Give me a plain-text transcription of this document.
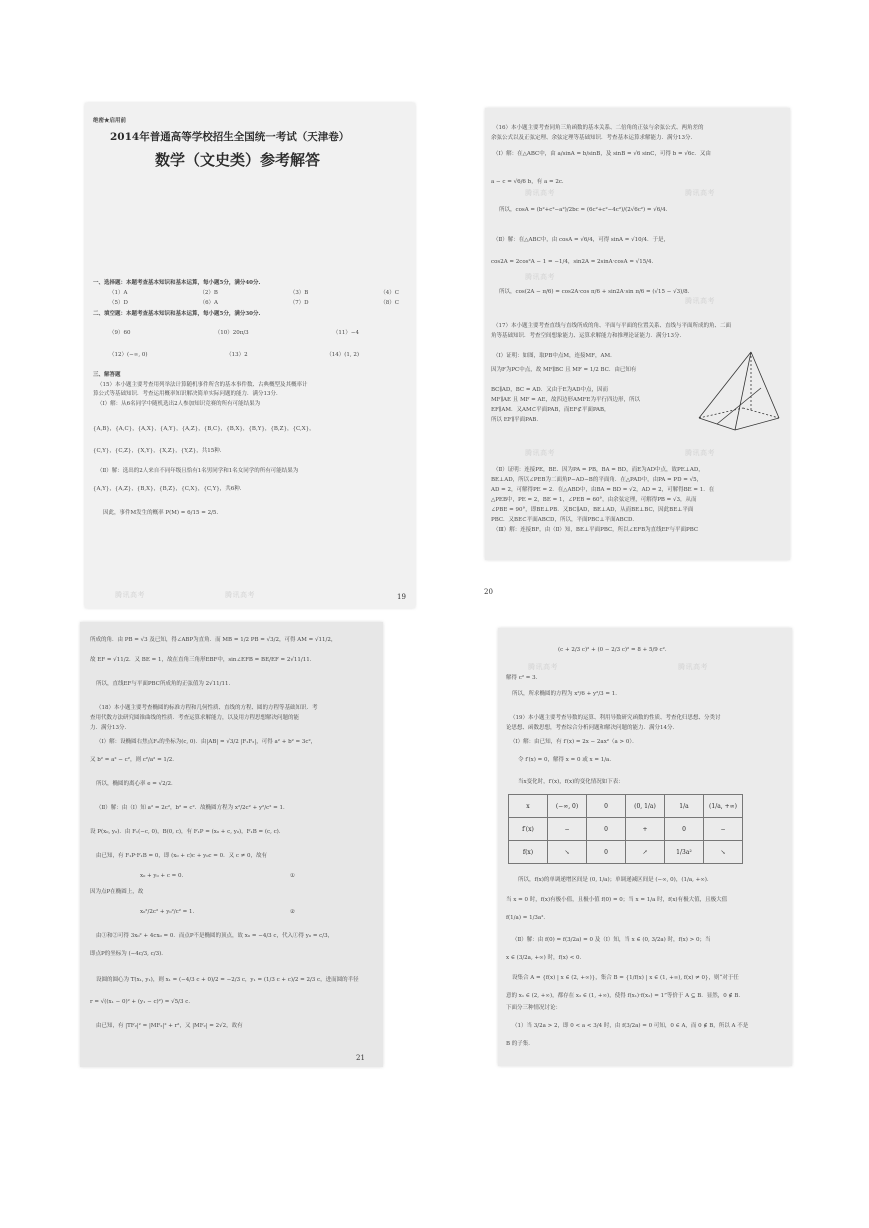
绝密★启用前
2014年普通高等学校招生全国统一考试（天津卷）
数学（文史类）参考解答
一、选择题：本题考查基本知识和基本运算，每小题5分，满分40分.
（1）A	（2）B	（3）B	（4）C
（5）D	（6）A	（7）D	（8）C
二、填空题：本题考查基本知识和基本运算，每小题5分，满分30分.
（9）60	（10）20π/3	（11）−4
（12）(−∞, 0)	（13）2	（14）(1, 2)
三、解答题
（15）本小题主要考查用列举法计算随机事件所含的基本事件数、古典概型及其概率计
算公式等基础知识．考查运用概率知识解决简单实际问题的能力．满分13分．
（Ⅰ）解：从6名同学中随机选出2人参加知识竞赛的所有可能结果为
{A,B}，{A,C}，{A,X}，{A,Y}，{A,Z}，{B,C}，{B,X}，{B,Y}，{B,Z}，{C,X}，
{C,Y}，{C,Z}，{X,Y}，{X,Z}，{Y,Z}，共15种.
（Ⅱ）解：选出的2人来自不同年级且恰有1名男同学和1名女同学的所有可能结果为
{A,Y}，{A,Z}，{B,X}，{B,Z}，{C,X}，{C,Y}，共6种.
因此，事件M发生的概率 P(M) = 6/15 = 2/5.
腾讯高考	腾讯高考	19
（16）本小题主要考查同角三角函数的基本关系、二倍角的正弦与余弦公式、两角差的
余弦公式以及正弦定理、余弦定理等基础知识．考查基本运算求解能力．满分13分．
（Ⅰ）解：在△ABC中，由 a/sinA = b/sinB，及 sinB = √6 sinC，可得 b = √6c．又由
a − c = √6/6 b，有 a = 2c．
所以，cosA = (b²+c²−a²)/2bc = (6c²+c²−4c²)/(2√6c²) = √6/4．
（Ⅱ）解：在△ABC中，由 cosA = √6/4，可得 sinA = √10/4．于是，
cos2A = 2cos²A − 1 = −1/4，sin2A = 2sinA·cosA = √15/4．
所以，cos(2A − π/6) = cos2A·cos π/6 + sin2A·sin π/6 = (√15 − √3)/8．
（17）本小题主要考查直线与直线所成的角、平面与平面的位置关系、直线与平面所成的角、二面
角等基础知识．考查空间想象能力、运算求解能力和推理论证能力．满分13分．
（Ⅰ）证明：如图，取PB中点M，连接MF，AM．
因为F为PC中点，故 MF∥BC 且 MF = 1/2 BC．由已知有
BC∥AD，BC = AD．又由于E为AD中点，因而
MF∥AE 且 MF = AE，故四边形AMFE为平行四边形，所以
EF∥AM．又AM⊂平面PAB，而EF⊄平面PAB，
所以 EF∥平面PAB．
（Ⅱ）证明：连接PE，BE．因为PA = PB，BA = BD，而E为AD中点，故PE⊥AD，
BE⊥AD，所以∠PEB为二面角P−AD−B的平面角．在△PAD中，由PA = PD = √5，
AD = 2，可解得PE = 2．在△ABD中，由BA = BD = √2，AD = 2，可解得BE = 1．在
△PEB中，PE = 2，BE = 1，∠PEB = 60°，由余弦定理，可解得PB = √3，从而
∠PBE = 90°，即BE⊥PB．又BC∥AD，BE⊥AD，从而BE⊥BC，因此BE⊥平面
PBC．又BE⊂平面ABCD，所以，平面PBC⊥平面ABCD．
（Ⅲ）解：连接BF，由（Ⅱ）知，BE⊥平面PBC，所以∠EFB为直线EF与平面PBC
腾讯高考	腾讯高考
腾讯高考
腾讯高考
腾讯高考	腾讯高考
20
所成的角．由 PB = √3 及已知，得∠ABP为直角．而 MB = 1/2 PB = √3/2，可得 AM = √11/2，
故 EF = √11/2．又 BE = 1，故在直角三角形EBF中，sin∠EFB = BE/EF = 2√11/11．
所以，直线EF与平面PBC所成角的正弦值为 2√11/11．
（18）本小题主要考查椭圆的标准方程和几何性质、直线的方程、圆的方程等基础知识．考
查用代数方法研究圆锥曲线的性质．考查运算求解能力，以及用方程思想解决问题的能
力．满分13分．
（Ⅰ）解：设椭圆右焦点F₂的坐标为(c, 0)．由|AB| = √3/2 |F₁F₂|，可得 a² + b² = 3c²，
又 b² = a² − c²，则 c²/a² = 1/2．
所以，椭圆的离心率 e = √2/2．
（Ⅱ）解：由（Ⅰ）知 a² = 2c²，b² = c²．故椭圆方程为 x²/2c² + y²/c² = 1．
设 P(x₀, y₀)．由 F₁(−c, 0)，B(0, c)，有 F₁P = (x₀ + c, y₀)，F₁B = (c, c)．
由已知，有 F₁P·F₁B = 0，即 (x₀ + c)c + y₀c = 0．又 c ≠ 0，故有
x₀ + y₀ + c = 0．	①
因为点P在椭圆上，故
x₀²/2c² + y₀²/c² = 1．	②
由①和②可得 3x₀² + 4cx₀ = 0．而点P不是椭圆的顶点，故 x₀ = −4/3 c，代入①得 y₀ = c/3，
即点P的坐标为 (−4c/3, c/3)．
设圆的圆心为 T(x₁, y₁)，则 x₁ = (−4/3 c + 0)/2 = −2/3 c，y₁ = (1/3 c + c)/2 = 2/3 c，进而圆的半径
r = √((x₁ − 0)² + (y₁ − c)²) = √5/3 c．
由已知，有 |TF₂|² = |MF₂|² + r²，又 |MF₂| = 2√2，故有
21
(c + 2/3 c)² + (0 − 2/3 c)² = 8 + 5/9 c²．
解得 c² = 3．
所以，所求椭圆的方程为 x²/6 + y²/3 = 1．
（19）本小题主要考查导数的运算、利用导数研究函数的性质、考查化归思想、分类讨
论思想、函数思想，考查综合分析问题和解决问题的能力．满分14分．
（Ⅰ）解：由已知，有 f′(x) = 2x − 2ax²（a > 0）．
令 f′(x) = 0，解得 x = 0 或 x = 1/a．
当x变化时，f′(x)，f(x)的变化情况如下表：
x	(−∞, 0)	0	(0, 1/a)	1/a	(1/a, +∞)
f′(x)	−	0	+	0	−
f(x)	↘	0	↗	1/3a²	↘
所以，f(x)的单调递增区间是 (0, 1/a)；单调递减区间是 (−∞, 0)，(1/a, +∞)．
当 x = 0 时，f(x)有极小值，且极小值 f(0) = 0；当 x = 1/a 时，f(x)有极大值，且极大值
f(1/a) = 1/3a²．
（Ⅱ）解：由 f(0) = f(3/2a) = 0 及（Ⅰ）知，当 x ∈ (0, 3/2a) 时，f(x) > 0；当
x ∈ (3/2a, +∞) 时，f(x) < 0．
设集合 A = {f(x) | x ∈ (2, +∞)}，集合 B = {1/f(x) | x ∈ (1, +∞), f(x) ≠ 0}，则“对于任
意的 x₁ ∈ (2, +∞)，都存在 x₂ ∈ (1, +∞)，使得 f(x₁)·f(x₂) = 1”等价于 A ⊆ B．显然，0 ∉ B．
下面分三种情况讨论：
（1）当 3/2a > 2，即 0 < a < 3/4 时，由 f(3/2a) = 0 可知，0 ∈ A，而 0 ∉ B，所以 A 不是
B 的子集．
腾讯高考	腾讯高考
